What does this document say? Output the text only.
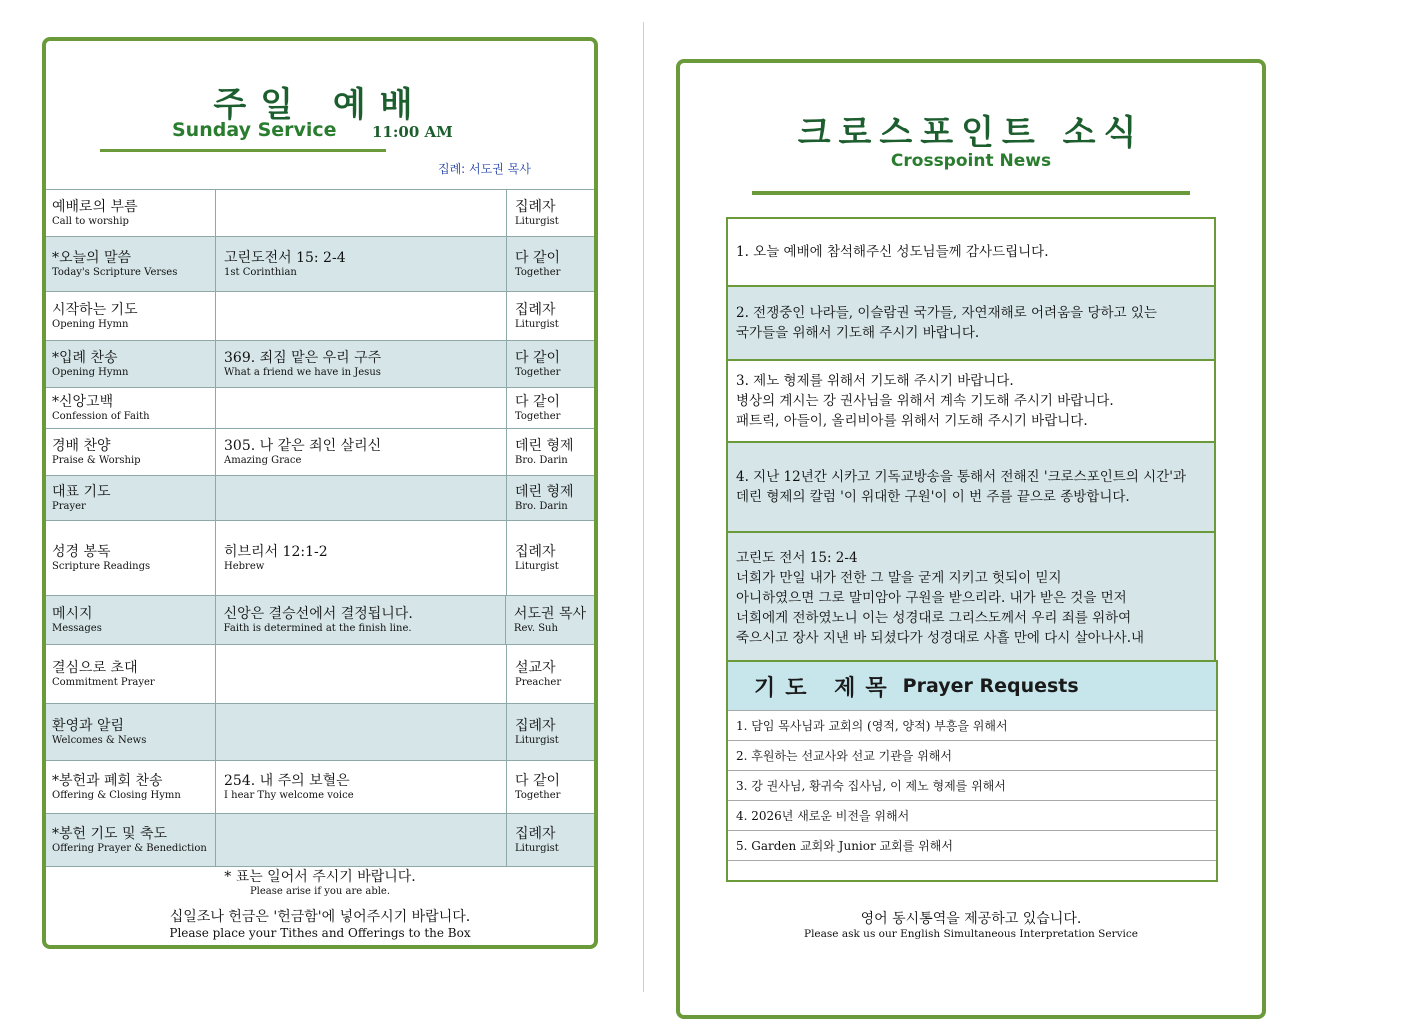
주일 예배
Sunday Service 11:00 AM
집례: 서도권 목사
예배로의 부름
Call to worship
집례자
Liturgist
*오늘의 말씀
Today's Scripture Verses
고린도전서 15: 2-4
1st Corinthian
다 같이
Together
시작하는 기도
Opening Hymn
집례자
Liturgist
*입례 찬송
Opening Hymn
369. 죄짐 맡은 우리 구주
What a friend we have in Jesus
다 같이
Together
*신앙고백
Confession of Faith
다 같이
Together
경배 찬양
Praise & Worship
305. 나 같은 죄인 살리신
Amazing Grace
데린 형제
Bro. Darin
대표 기도
Prayer
데린 형제
Bro. Darin
성경 봉독
Scripture Readings
히브리서 12:1-2
Hebrew
집례자
Liturgist
메시지
Messages
신앙은 결승선에서 결정됩니다.
Faith is determined at the finish line.
서도권 목사
Rev. Suh
결심으로 초대
Commitment Prayer
설교자
Preacher
환영과 알림
Welcomes & News
집례자
Liturgist
*봉헌과 폐회 찬송
Offering & Closing Hymn
254. 내 주의 보혈은
I hear Thy welcome voice
다 같이
Together
*봉헌 기도 및 축도
Offering Prayer & Benediction
집례자
Liturgist
* 표는 일어서 주시기 바랍니다.
Please arise if you are able.
십일조나 헌금은 '헌금함'에 넣어주시기 바랍니다.
Please place your Tithes and Offerings to the Box
크로스포인트 소식
Crosspoint News
1. 오늘 예배에 참석해주신 성도님들께 감사드립니다.
2. 전쟁중인 나라들, 이슬람권 국가들, 자연재해로 어려움을 당하고 있는
국가들을 위해서 기도해 주시기 바랍니다.
3. 제노 형제를 위해서 기도해 주시기 바랍니다.
병상의 계시는 강 권사님을 위해서 계속 기도해 주시기 바랍니다.
패트릭, 아들이, 올리비아를 위해서 기도해 주시기 바랍니다.
4. 지난 12년간 시카고 기독교방송을 통해서 전해진 '크로스포인트의 시간'과
데린 형제의 칼럼 '이 위대한 구원'이 이 번 주를 끝으로 종방합니다.
고린도 전서 15: 2-4
너희가 만일 내가 전한 그 말을 굳게 지키고 헛되이 믿지
아니하였으면 그로 말미암아 구원을 받으리라. 내가 받은 것을 먼저
너희에게 전하였노니 이는 성경대로 그리스도께서 우리 죄를 위하여
죽으시고 장사 지낸 바 되셨다가 성경대로 사흘 만에 다시 살아나사.내
기도 제목 Prayer Requests
1. 담임 목사님과 교회의 (영적, 양적) 부흥을 위해서
2. 후원하는 선교사와 선교 기관을 위해서
3. 강 권사님, 황귀숙 집사님, 이 제노 형제를 위해서
4. 2026년 새로운 비전을 위해서
5. Garden 교회와 Junior 교회를 위해서
영어 동시통역을 제공하고 있습니다.
Please ask us our English Simultaneous Interpretation Service
